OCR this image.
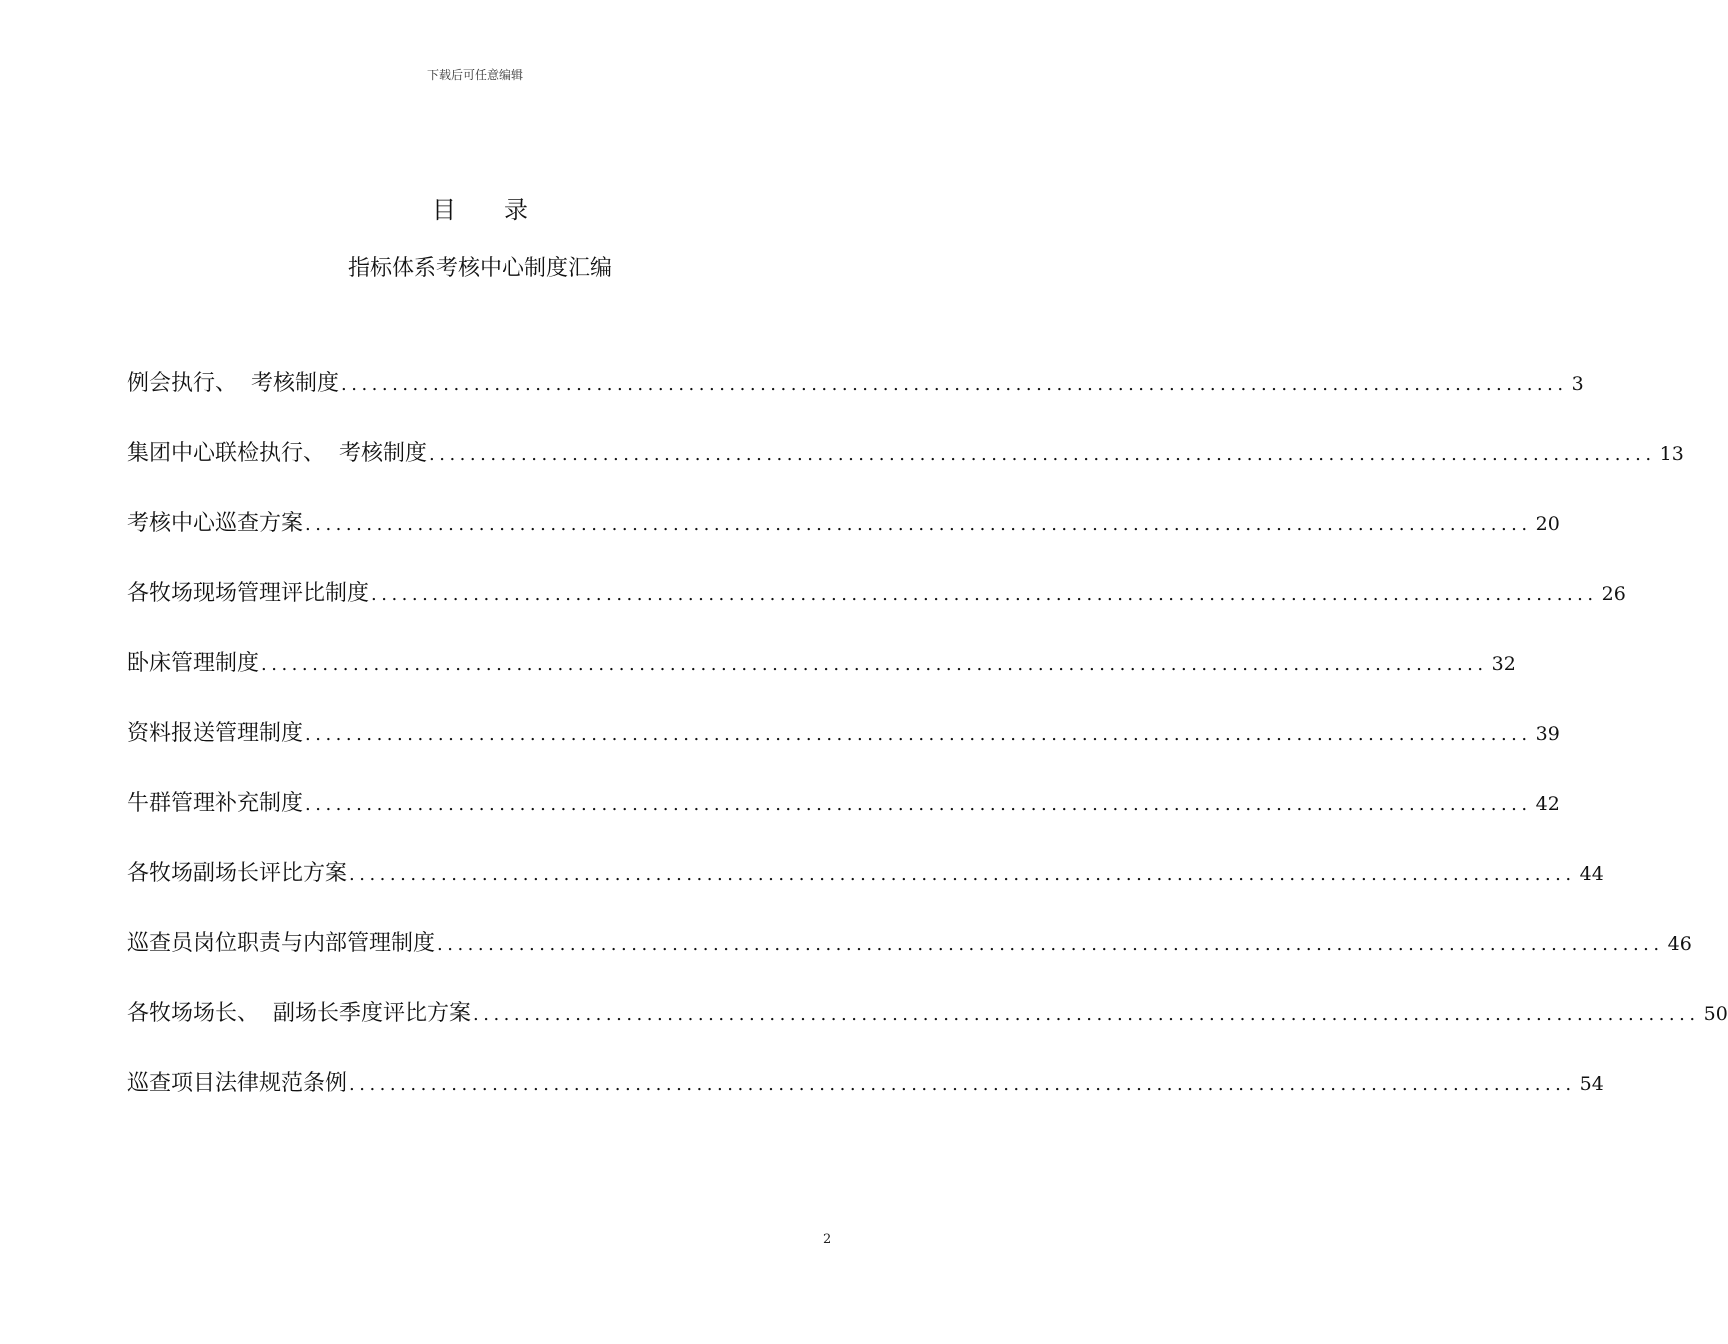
下载后可任意编辑
目 录
指标体系考核中心制度汇编
例会执行、  考核制度 ........................................................................................................................ 3
集团中心联检执行、  考核制度 ........................................................................................................................ 13
考核中心巡查方案 ........................................................................................................................ 20
各牧场现场管理评比制度 ........................................................................................................................ 26
卧床管理制度 ........................................................................................................................ 32
资料报送管理制度 ........................................................................................................................ 39
牛群管理补充制度 ........................................................................................................................ 42
各牧场副场长评比方案 ........................................................................................................................ 44
巡查员岗位职责与内部管理制度 ........................................................................................................................ 46
各牧场场长、  副场长季度评比方案 ........................................................................................................................ 50
巡查项目法律规范条例 ........................................................................................................................ 54
2
